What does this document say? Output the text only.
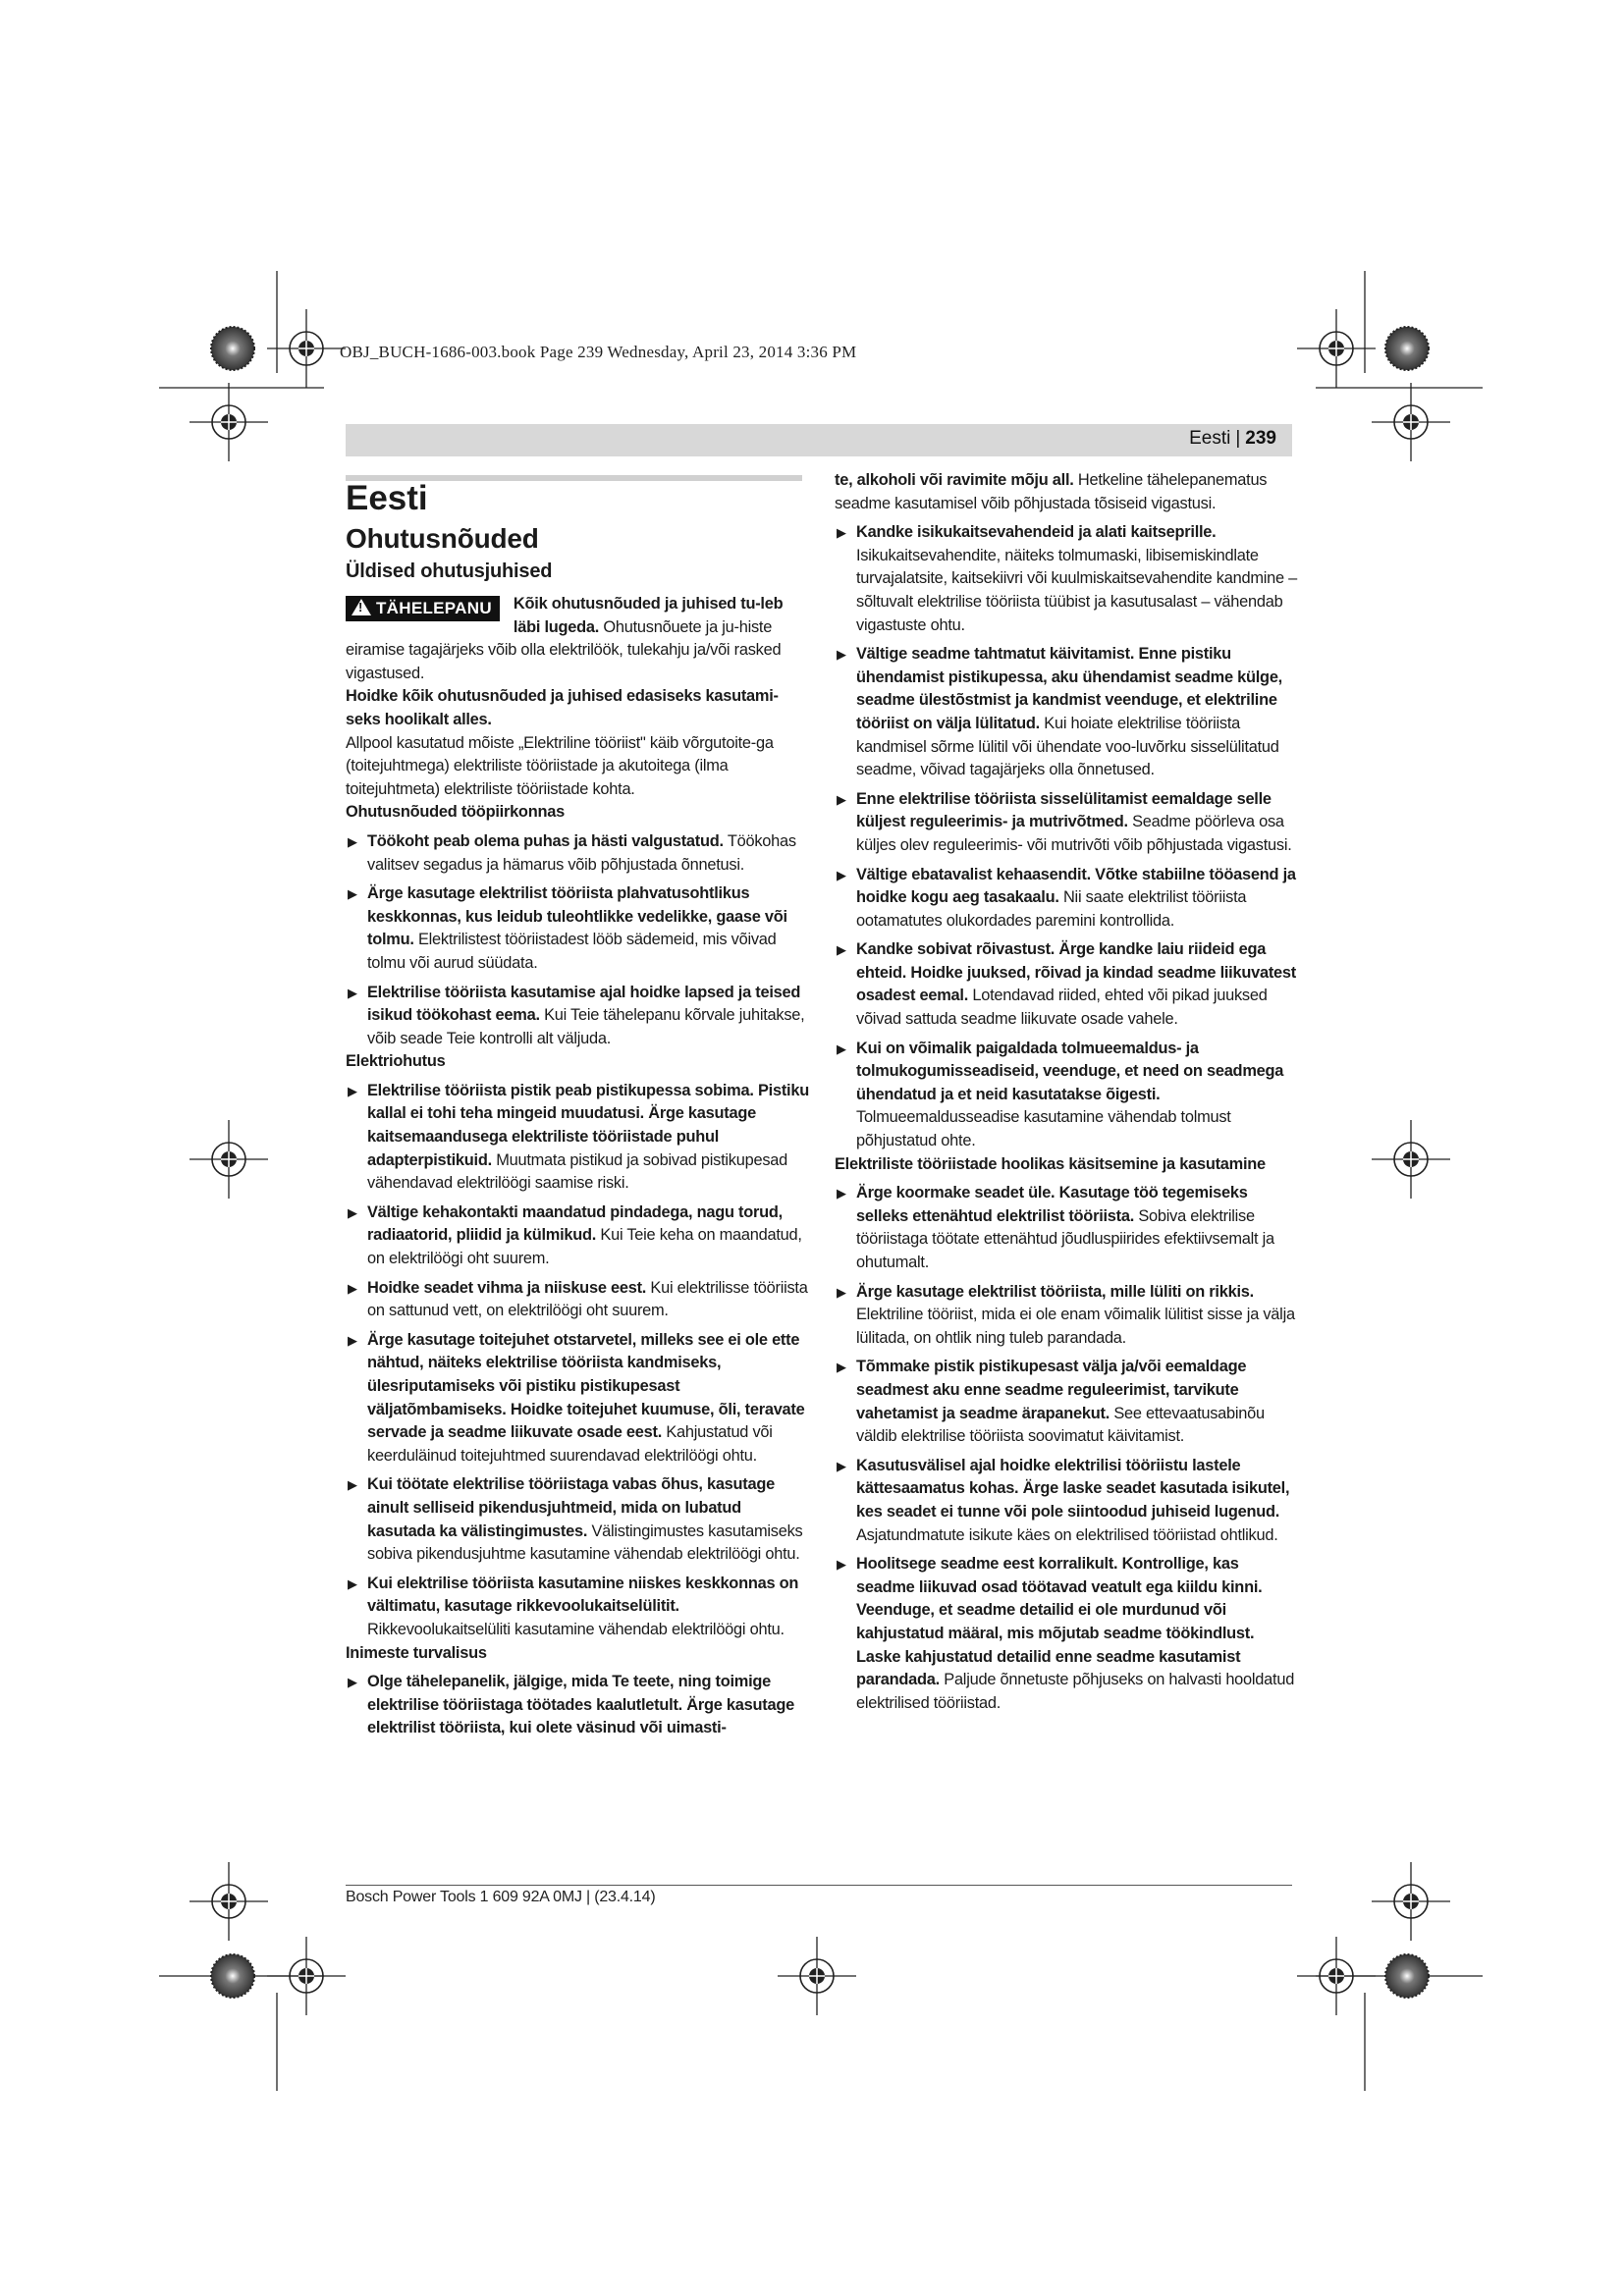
OBJ_BUCH-1686-003.book Page 239 Wednesday, April 23, 2014 3:36 PM
Eesti | 239

Eesti

Ohutusnõuded

Üldised ohutusjuhised

!TÄHELEPANU	Kõik ohutusnõuded ja juhised tu-leb läbi lugeda. Ohutusnõuete ja ju-histe eiramise tagajärjeks võib olla elektrilöök, tulekahju ja/või rasked vigastused.

Hoidke kõik ohutusnõuded ja juhised edasiseks kasutami-seks hoolikalt alles.

Allpool kasutatud mõiste „Elektriline tööriist" käib võrgutoite-ga (toitejuhtmega) elektriliste tööriistade ja akutoitega (ilma toitejuhtmeta) elektriliste tööriistade kohta.

Ohutusnõuded tööpiirkonnas

▶ Töökoht peab olema puhas ja hästi valgustatud. Töökohas valitsev segadus ja hämarus võib põhjustada õnnetusi.
▶ Ärge kasutage elektrilist tööriista plahvatusohtlikus keskkonnas, kus leidub tuleohtlikke vedelikke, gaase või tolmu. Elektrilistest tööriistadest lööb sädemeid, mis võivad tolmu või aurud süüdata.
▶ Elektrilise tööriista kasutamise ajal hoidke lapsed ja teised isikud töökohast eema. Kui Teie tähelepanu kõrvale juhitakse, võib seade Teie kontrolli alt väljuda.

Elektriohutus

▶ Elektrilise tööriista pistik peab pistikupessa sobima. Pistiku kallal ei tohi teha mingeid muudatusi. Ärge kasutage kaitsemaandusega elektriliste tööriistade puhul adapterpistikuid. Muutmata pistikud ja sobivad pistikupesad vähendavad elektrilöögi saamise riski.
▶ Vältige kehakontakti maandatud pindadega, nagu torud, radiaatorid, pliidid ja külmikud. Kui Teie keha on maandatud, on elektrilöögi oht suurem.
▶ Hoidke seadet vihma ja niiskuse eest. Kui elektrilisse tööriista on sattunud vett, on elektrilöögi oht suurem.
▶ Ärge kasutage toitejuhet otstarvetel, milleks see ei ole ette nähtud, näiteks elektrilise tööriista kandmiseks, ülesriputamiseks või pistiku pistikupesast väljatõmbamiseks. Hoidke toitejuhet kuumuse, õli, teravate servade ja seadme liikuvate osade eest. Kahjustatud või keerduläinud toitejuhtmed suurendavad elektrilöögi ohtu.
▶ Kui töötate elektrilise tööriistaga vabas õhus, kasutage ainult selliseid pikendusjuhtmeid, mida on lubatud kasutada ka välistingimustes. Välistingimustes kasutamiseks sobiva pikendusjuhtme kasutamine vähendab elektrilöögi ohtu.
▶ Kui elektrilise tööriista kasutamine niiskes keskkonnas on vältimatu, kasutage rikkevoolukaitselülitit. Rikkevoolukaitselüliti kasutamine vähendab elektrilöögi ohtu.

Inimeste turvalisus

▶ Olge tähelepanelik, jälgige, mida Te teete, ning toimige elektrilise tööriistaga töötades kaalutletult. Ärge kasutage elektrilist tööriista, kui olete väsinud või uimasti-

te, alkoholi või ravimite mõju all. Hetkeline tähelepanematus seadme kasutamisel võib põhjustada tõsiseid vigastusi.

▶ Kandke isikukaitsevahendeid ja alati kaitseprille. Isikukaitsevahendite, näiteks tolmumaski, libisemiskindlate turvajalatsite, kaitsekiivri või kuulmiskaitsevahendite kandmine – sõltuvalt elektrilise tööriista tüübist ja kasutusalast – vähendab vigastuste ohtu.
▶ Vältige seadme tahtmatut käivitamist. Enne pistiku ühendamist pistikupessa, aku ühendamist seadme külge, seadme ülestõstmist ja kandmist veenduge, et elektriline tööriist on välja lülitatud. Kui hoiate elektrilise tööriista kandmisel sõrme lülitil või ühendate voo-luvõrku sisselülitatud seadme, võivad tagajärjeks olla õnnetused.
▶ Enne elektrilise tööriista sisselülitamist eemaldage selle küljest reguleerimis- ja mutrivõtmed. Seadme pöörleva osa küljes olev reguleerimis- või mutrivõti võib põhjustada vigastusi.
▶ Vältige ebatavalist kehaasendit. Võtke stabiilne tööasend ja hoidke kogu aeg tasakaalu. Nii saate elektrilist tööriista ootamatutes olukordades paremini kontrollida.
▶ Kandke sobivat rõivastust. Ärge kandke laiu riideid ega ehteid. Hoidke juuksed, rõivad ja kindad seadme liikuvatest osadest eemal. Lotendavad riided, ehted või pikad juuksed võivad sattuda seadme liikuvate osade vahele.
▶ Kui on võimalik paigaldada tolmueemaldus- ja tolmukogumisseadiseid, veenduge, et need on seadmega ühendatud ja et neid kasutatakse õigesti. Tolmueemaldusseadise kasutamine vähendab tolmust põhjustatud ohte.

Elektriliste tööriistade hoolikas käsitsemine ja kasutamine

▶ Ärge koormake seadet üle. Kasutage töö tegemiseks selleks ettenähtud elektrilist tööriista. Sobiva elektrilise tööriistaga töötate ettenähtud jõudluspiirides efektiivsemalt ja ohutumalt.
▶ Ärge kasutage elektrilist tööriista, mille lüliti on rikkis. Elektriline tööriist, mida ei ole enam võimalik lülitist sisse ja välja lülitada, on ohtlik ning tuleb parandada.
▶ Tõmmake pistik pistikupesast välja ja/või eemaldage seadmest aku enne seadme reguleerimist, tarvikute vahetamist ja seadme ärapanekut. See ettevaatusabinõu väldib elektrilise tööriista soovimatut käivitamist.
▶ Kasutusvälisel ajal hoidke elektrilisi tööriistu lastele kättesaamatus kohas. Ärge laske seadet kasutada isikutel, kes seadet ei tunne või pole siintoodud juhiseid lugenud. Asjatundmatute isikute käes on elektrilised tööriistad ohtlikud.
▶ Hoolitsege seadme eest korralikult. Kontrollige, kas seadme liikuvad osad töötavad veatult ega kiildu kinni. Veenduge, et seadme detailid ei ole murdunud või kahjustatud määral, mis mõjutab seadme töökindlust. Laske kahjustatud detailid enne seadme kasutamist parandada. Paljude õnnetuste põhjuseks on halvasti hooldatud elektrilised tööriistad.
Bosch Power Tools 1 609 92A 0MJ | (23.4.14)
